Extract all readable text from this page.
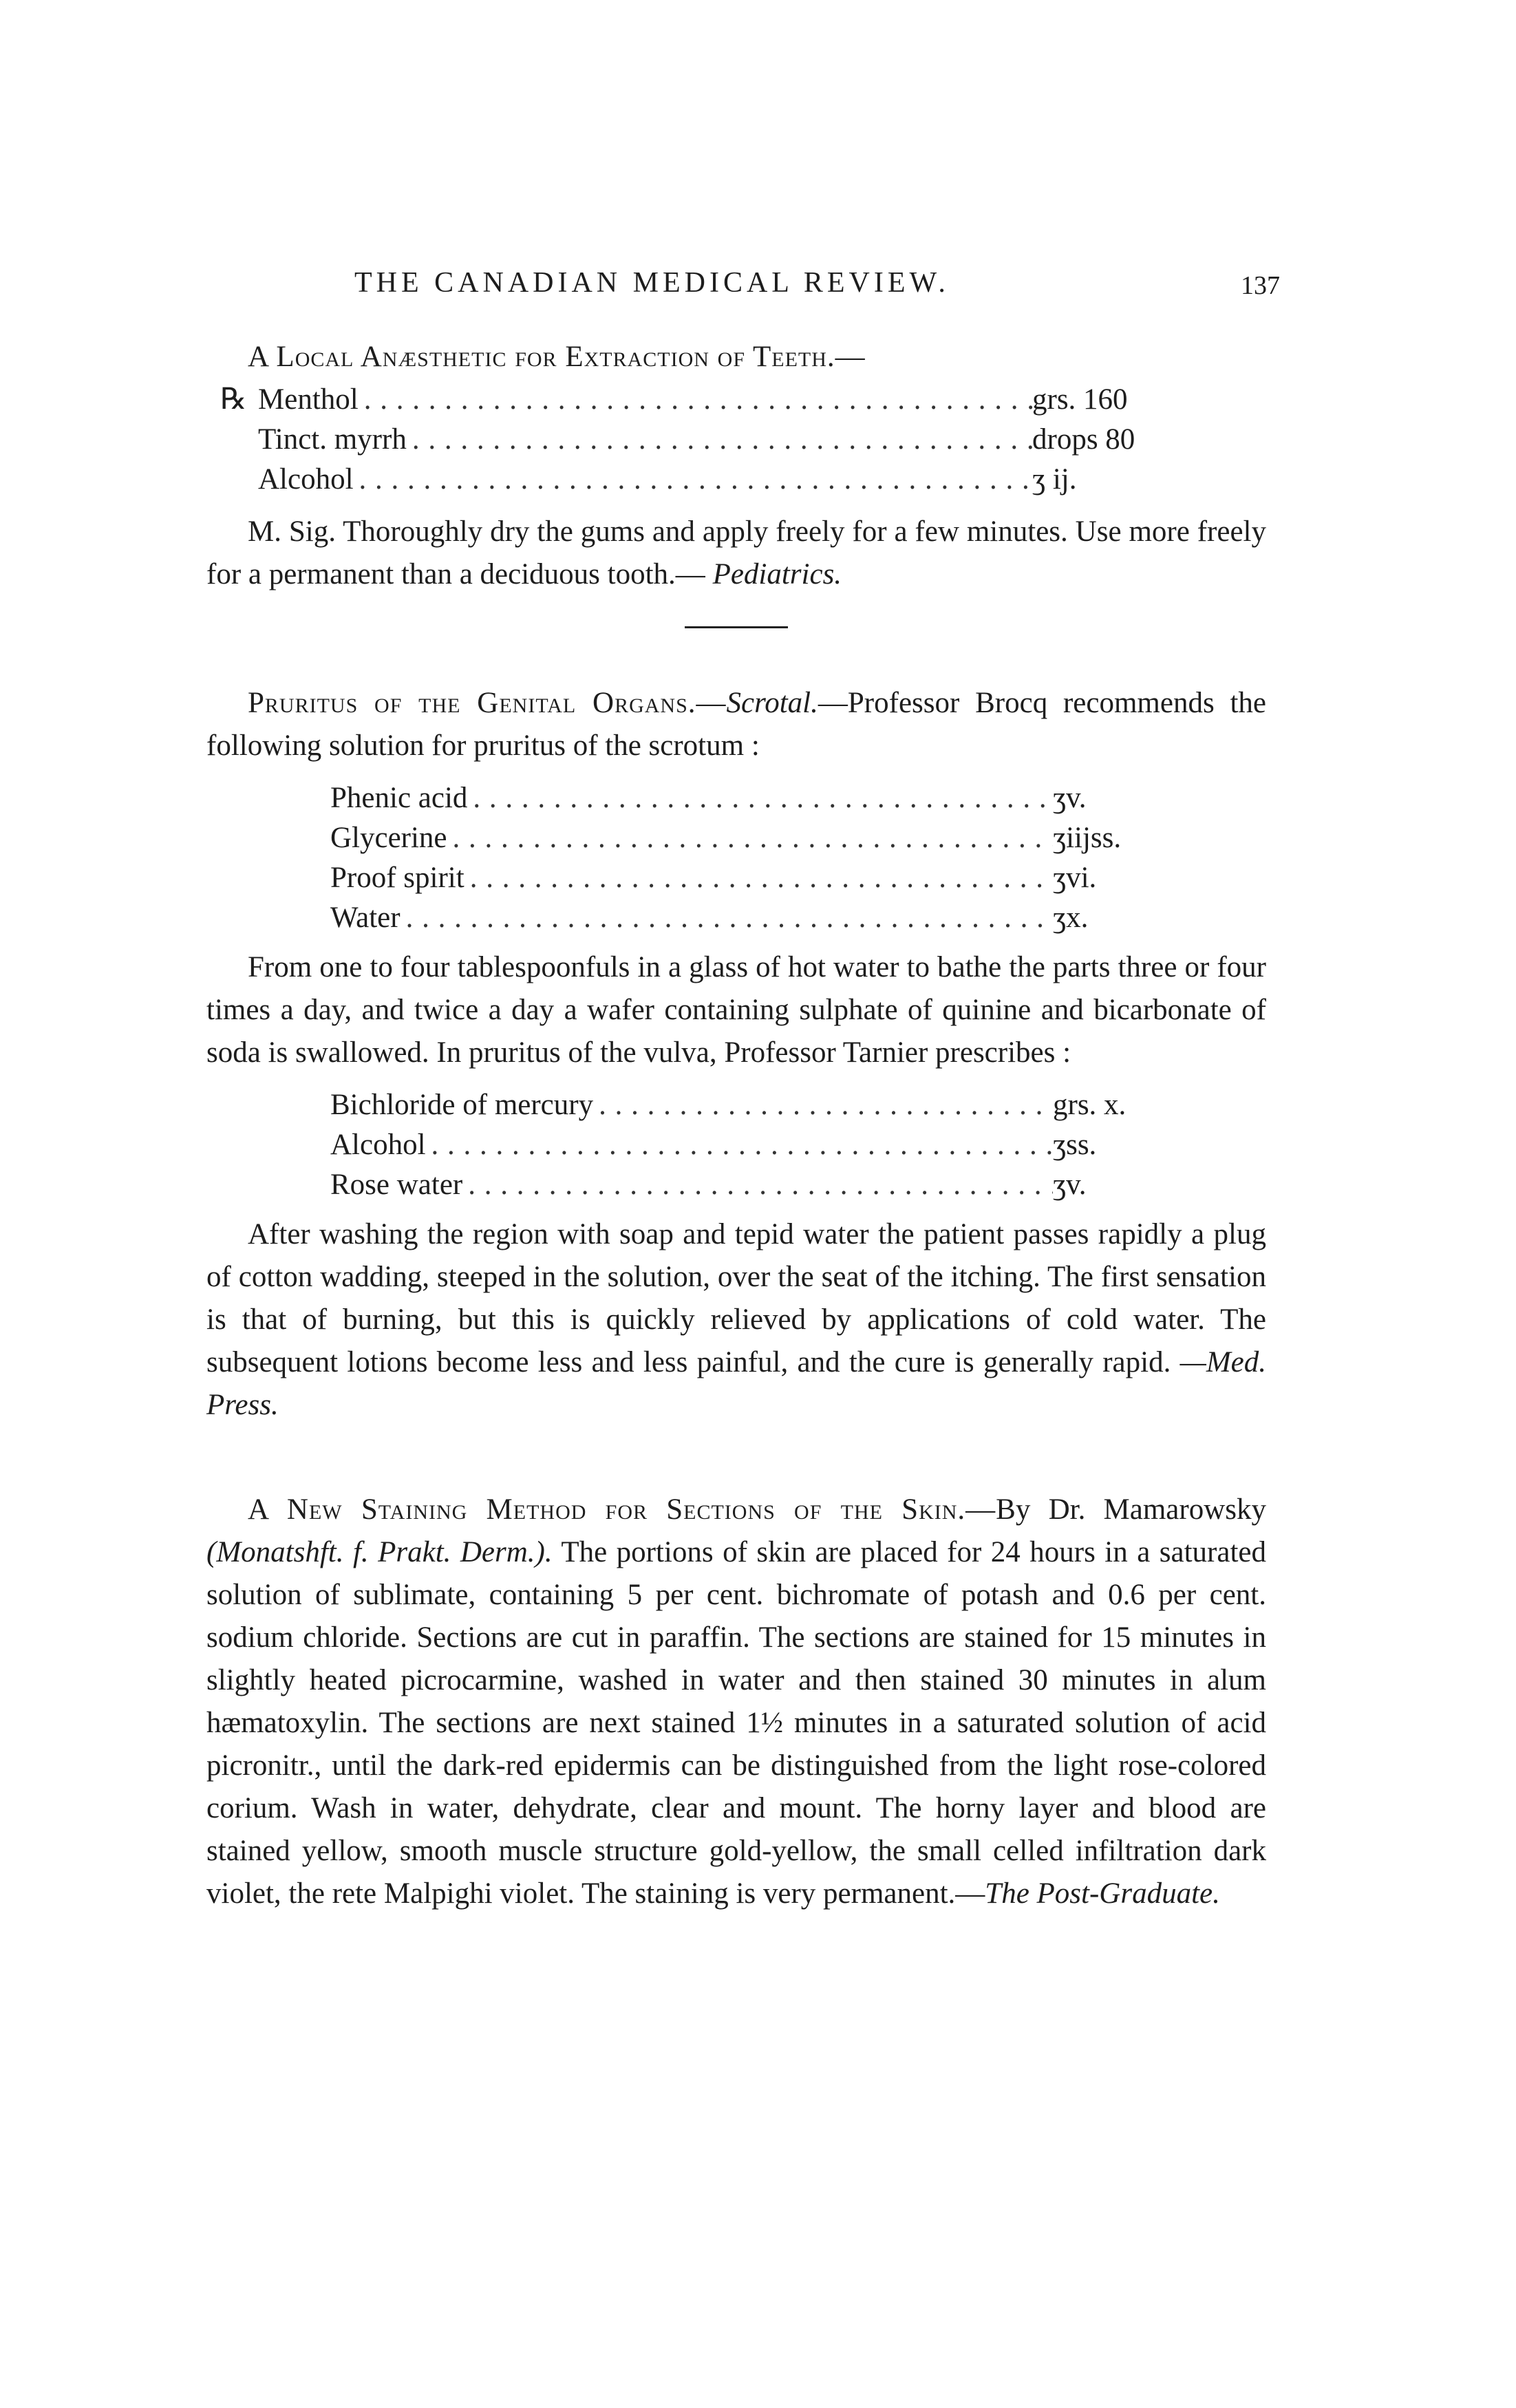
THE CANADIAN MEDICAL REVIEW.	137

A Local Anæsthetic for Extraction of Teeth.—

℞ Menthol . . .	grs. 160
Tinct. myrrh . . .	drops 80
Alcohol . . .	ʒ ij.

M. Sig. Thoroughly dry the gums and apply freely for a few minutes. Use more freely for a permanent than a deciduous tooth.— Pediatrics.

Pruritus of the Genital Organs.—Scrotal.—Professor Brocq recommends the following solution for pruritus of the scrotum :

Phenic acid . . .	ʒv.
Glycerine . . .	ʒiijss.
Proof spirit . . .	ʒvi.
Water . . .	ʒx.

From one to four tablespoonfuls in a glass of hot water to bathe the parts three or four times a day, and twice a day a wafer containing sulphate of quinine and bicarbonate of soda is swallowed. In pruritus of the vulva, Professor Tarnier prescribes :

Bichloride of mercury . . .	grs. x.
Alcohol . . .	ʒss.
Rose water . . .	ʒv.

After washing the region with soap and tepid water the patient passes rapidly a plug of cotton wadding, steeped in the solution, over the seat of the itching. The first sensation is that of burning, but this is quickly relieved by applications of cold water. The subsequent lotions become less and less painful, and the cure is generally rapid. —Med. Press.

A New Staining Method for Sections of the Skin.—By Dr. Mamarowsky (Monatshft. f. Prakt. Derm.). The portions of skin are placed for 24 hours in a saturated solution of sublimate, containing 5 per cent. bichromate of potash and 0.6 per cent. sodium chloride. Sections are cut in paraffin. The sections are stained for 15 minutes in slightly heated picrocarmine, washed in water and then stained 30 minutes in alum hæmatoxylin. The sections are next stained 1½ minutes in a saturated solution of acid picronitr., until the dark-red epidermis can be distinguished from the light rose-colored corium. Wash in water, dehydrate, clear and mount. The horny layer and blood are stained yellow, smooth muscle structure gold-yellow, the small celled infiltration dark violet, the rete Malpighi violet. The staining is very permanent.—The Post-Graduate.
